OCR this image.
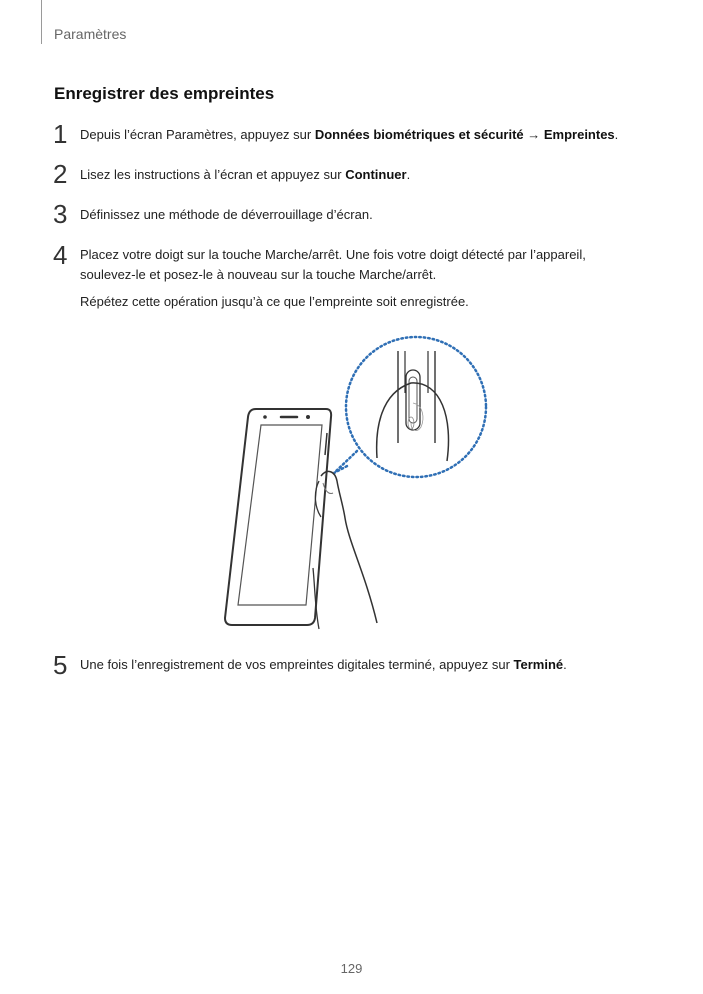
Paramètres
Enregistrer des empreintes
1 Depuis l’écran Paramètres, appuyez sur Données biométriques et sécurité → Empreintes.
2 Lisez les instructions à l’écran et appuyez sur Continuer.
3 Définissez une méthode de déverrouillage d’écran.
4 Placez votre doigt sur la touche Marche/arrêt. Une fois votre doigt détecté par l’appareil,
soulevez-le et posez-le à nouveau sur la touche Marche/arrêt.
Répétez cette opération jusqu’à ce que l’empreinte soit enregistrée.
5 Une fois l’enregistrement de vos empreintes digitales terminé, appuyez sur Terminé.
129
